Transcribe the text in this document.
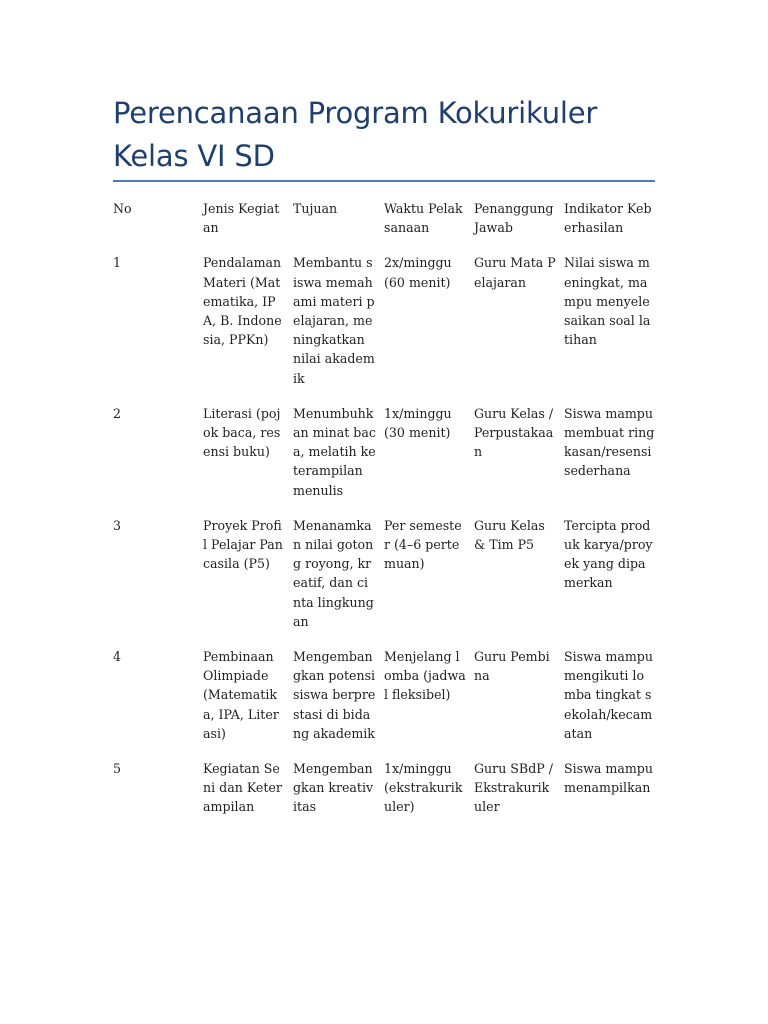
Perencanaan Program Kokurikuler Kelas VI SD
No	Jenis Kegiatan	Tujuan	Waktu Pelaksanaan	Penanggung Jawab	Indikator Keberhasilan
1	Pendalaman Materi (Matematika, IPA, B. Indonesia, PPKn)	Membantu siswa memahami materi pelajaran, meningkatkan nilai akademik	2x/minggu (60 menit)	Guru Mata Pelajaran	Nilai siswa meningkat, mampu menyelesaikan soal latihan
2	Literasi (pojok baca, resensi buku)	Menumbuhkan minat baca, melatih keterampilan menulis	1x/minggu (30 menit)	Guru Kelas / Perpustakaan	Siswa mampu membuat ringkasan/resensi sederhana
3	Proyek Profil Pelajar Pancasila (P5)	Menanamkan nilai gotong royong, kreatif, dan cinta lingkungan	Per semester (4–6 pertemuan)	Guru Kelas & Tim P5	Tercipta produk karya/proyek yang dipamerkan
4	Pembinaan Olimpiade (Matematika, IPA, Literasi)	Mengembangkan potensi siswa berprestasi di bidang akademik	Menjelang lomba (jadwal fleksibel)	Guru Pembina	Siswa mampu mengikuti lomba tingkat sekolah/kecamatan
5	Kegiatan Seni dan Keterampilan	Mengembangkan kreativitas	1x/minggu (ekstrakurikuler)	Guru SBdP / Ekstrakurikuler	Siswa mampu menampilkan
